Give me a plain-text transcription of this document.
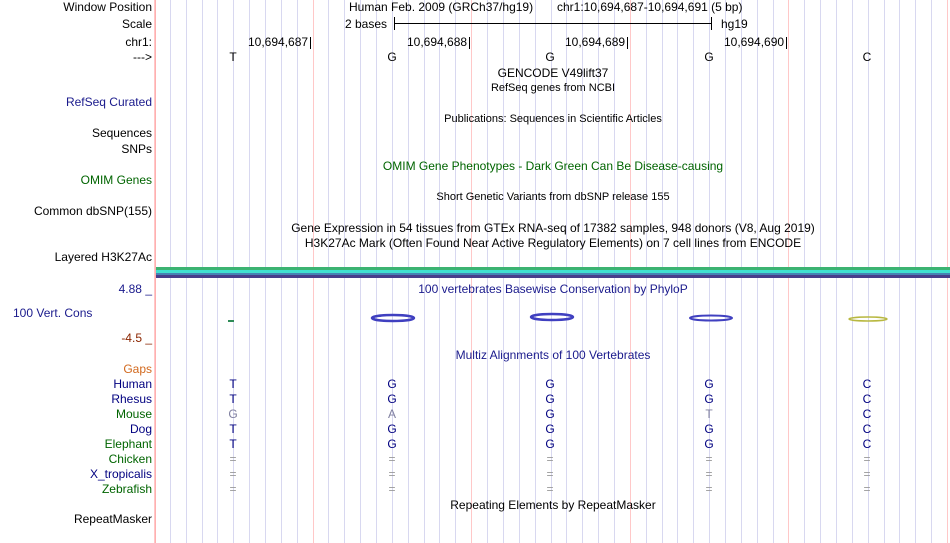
Window Position	Human Feb. 2009 (GRCh37/hg19) chr1:10,694,687-10,694,691 (5 bp)
Scale	2 bases	hg19
chr1:	10,694,687	10,694,688	10,694,689	10,694,690
--->	T	G	G	G	C
GENCODE V49lift37
RefSeq genes from NCBI
RefSeq Curated
Publications: Sequences in Scientific Articles
Sequences
SNPs
OMIM Gene Phenotypes - Dark Green Can Be Disease-causing
OMIM Genes
Short Genetic Variants from dbSNP release 155
Common dbSNP(155)
Gene Expression in 54 tissues from GTEx RNA-seq of 17382 samples, 948 donors (V8, Aug 2019)
H3K27Ac Mark (Often Found Near Active Regulatory Elements) on 7 cell lines from ENCODE
Layered H3K27Ac
4.88 _	100 vertebrates Basewise Conservation by PhyloP
100 Vert. Cons
-4.5 _
Multiz Alignments of 100 Vertebrates
Gaps
Human	T	G	G	G	C
Rhesus	T	G	G	G	C
Mouse	G	A	G	T	C
Dog	T	G	G	G	C
Elephant	T	G	G	G	C
Chicken	=	=	=	=	=
X_tropicalis	=	=	=	=	=
Zebrafish	=	=	=	=	=
Repeating Elements by RepeatMasker
RepeatMasker
